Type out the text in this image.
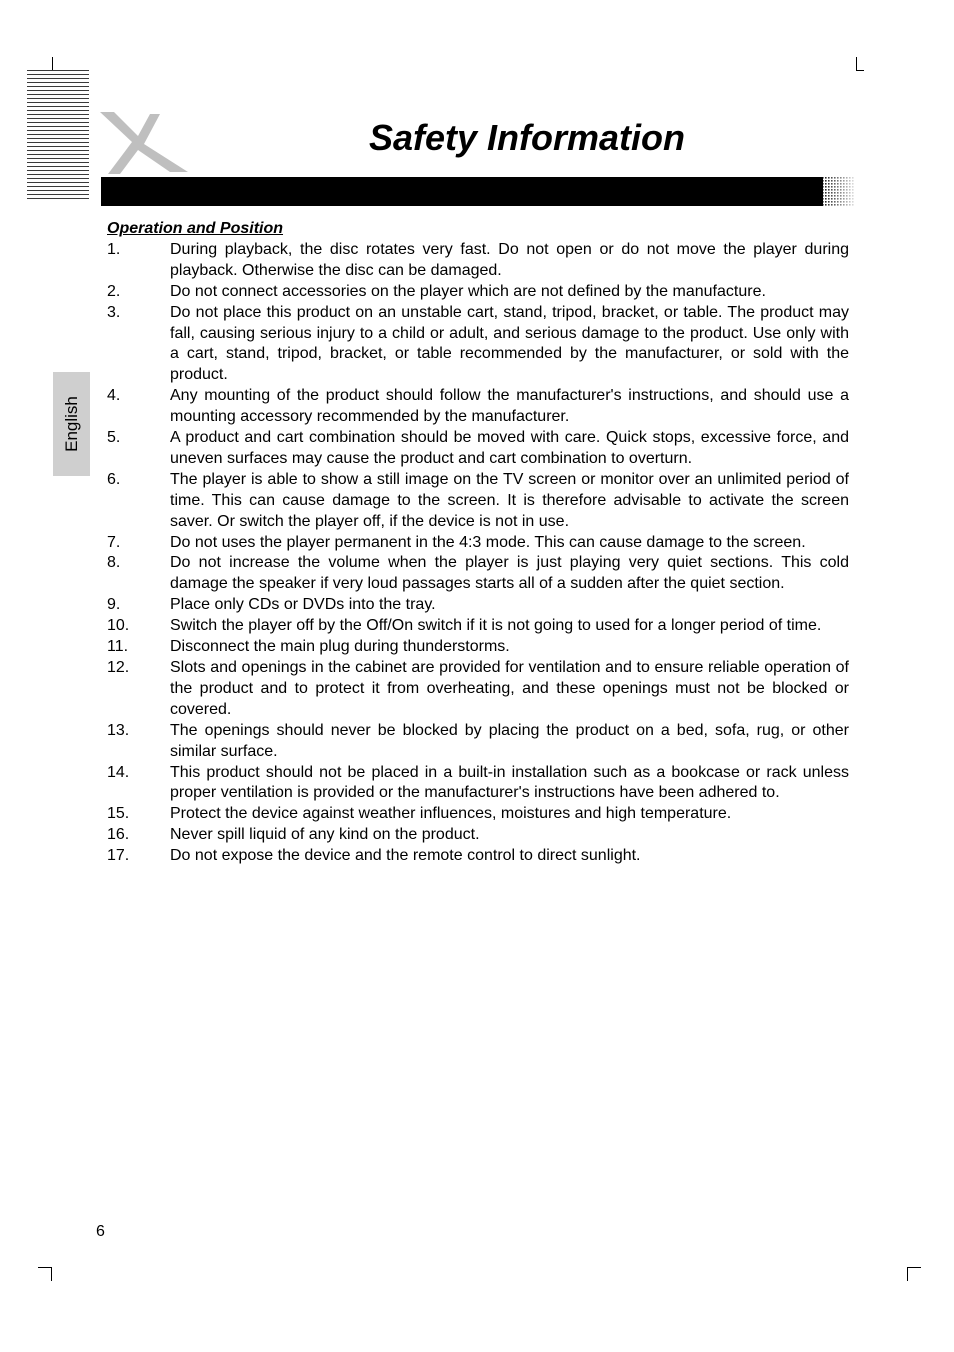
Safety Information
English

Operation and Position

1.	During playback, the disc rotates very fast. Do not open or do not move the player during playback. Otherwise the disc can be damaged.
2.	Do not connect accessories on the player which are not defined by the manufacture.
3.	Do not place this product on an unstable cart, stand, tripod, bracket, or table. The product may fall, causing serious injury to a child or adult, and serious damage to the product. Use only with a cart, stand, tripod, bracket, or table recommended by the manufacturer, or sold with the product.
4.	Any mounting of the product should follow the manufacturer's instructions, and should use a mounting accessory recommended by the manufacturer.
5.	A product and cart combination should be moved with care. Quick stops, excessive force, and uneven surfaces may cause the product and cart combination to overturn.
6.	The player is able to show a still image on the TV screen or monitor over an unlimited period of time. This can cause damage to the screen. It is therefore advisable to activate the screen saver. Or switch the player off, if the device is not in use.
7.	Do not uses the player permanent in the 4:3 mode. This can cause damage to the screen.
8.	Do not increase the volume when the player is just playing very quiet sections. This cold damage the speaker if very loud passages starts all of a sudden after the quiet section.
9.	Place only CDs or DVDs into the tray.
10.	Switch the player off by the Off/On switch if it is not going to used for a longer period of time.
11.	Disconnect the main plug during thunderstorms.
12.	Slots and openings in the cabinet are provided for ventilation and to ensure reliable operation of the product and to protect it from overheating, and these openings must not be blocked or covered.
13.	The openings should never be blocked by placing the product on a bed, sofa, rug, or other similar surface.
14.	This product should not be placed in a built-in installation such as a bookcase or rack unless proper ventilation is provided or the manufacturer's instructions have been adhered to.
15.	Protect the device against weather influences, moistures and high temperature.
16.	Never spill liquid of any kind on the product.
17.	Do not expose the device and the remote control to direct sunlight.
6
